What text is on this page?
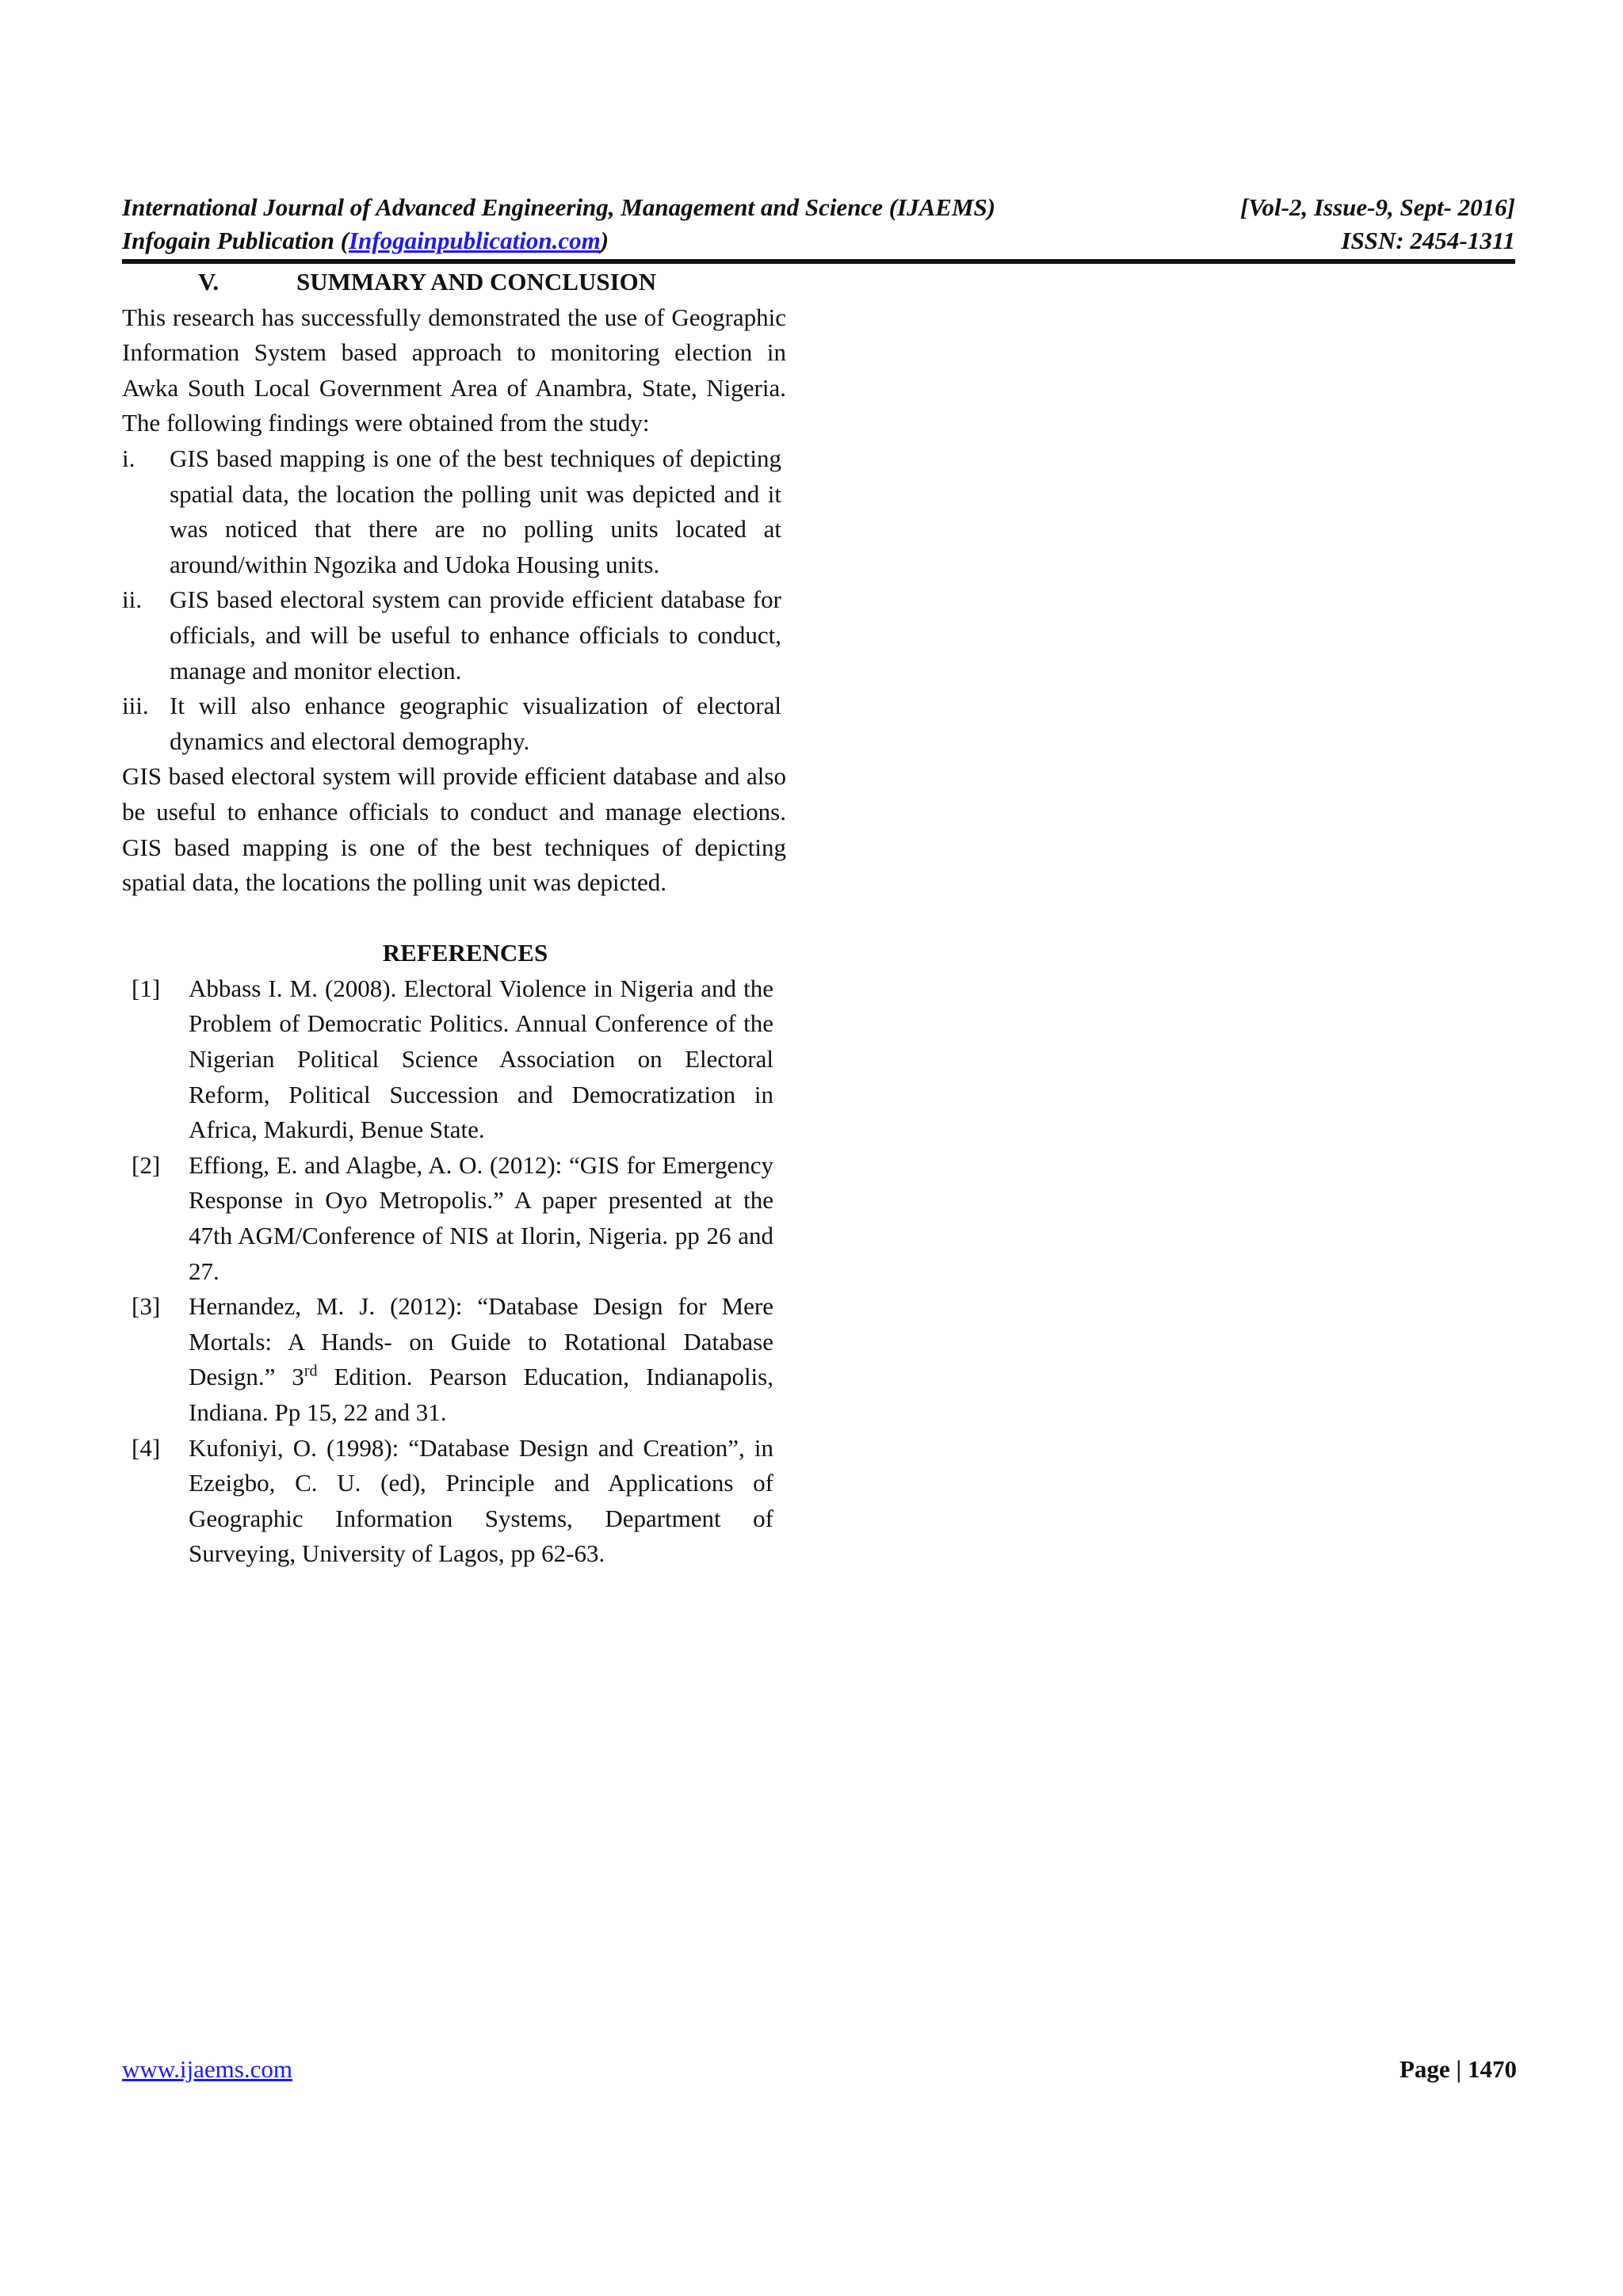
International Journal of Advanced Engineering, Management and Science (IJAEMS)	[Vol-2, Issue-9, Sept- 2016]
Infogain Publication (Infogainpublication.com)	ISSN: 2454-1311
V.	SUMMARY AND CONCLUSION

This research has successfully demonstrated the use of Geographic Information System based approach to monitoring election in Awka South Local Government Area of Anambra, State, Nigeria. The following findings were obtained from the study:

i. GIS based mapping is one of the best techniques of depicting spatial data, the location the polling unit was depicted and it was noticed that there are no polling units located at around/within Ngozika and Udoka Housing units.
ii. GIS based electoral system can provide efficient database for officials, and will be useful to enhance officials to conduct, manage and monitor election.
iii. It will also enhance geographic visualization of electoral dynamics and electoral demography.

GIS based electoral system will provide efficient database and also be useful to enhance officials to conduct and manage elections. GIS based mapping is one of the best techniques of depicting spatial data, the locations the polling unit was depicted.

REFERENCES
[1] Abbass I. M. (2008). Electoral Violence in Nigeria and the Problem of Democratic Politics. Annual Conference of the Nigerian Political Science Association on Electoral Reform, Political Succession and Democratization in Africa, Makurdi, Benue State.
[2] Effiong, E. and Alagbe, A. O. (2012): “GIS for Emergency Response in Oyo Metropolis.” A paper presented at the 47th AGM/Conference of NIS at Ilorin, Nigeria. pp 26 and 27.
[3] Hernandez, M. J. (2012): “Database Design for Mere Mortals: A Hands- on Guide to Rotational Database Design.” 3rd Edition. Pearson Education, Indianapolis, Indiana. Pp 15, 22 and 31.
[4] Kufoniyi, O. (1998): “Database Design and Creation”, in Ezeigbo, C. U. (ed), Principle and Applications of Geographic Information Systems, Department of Surveying, University of Lagos, pp 62-63.
www.ijaems.com	Page | 1470
